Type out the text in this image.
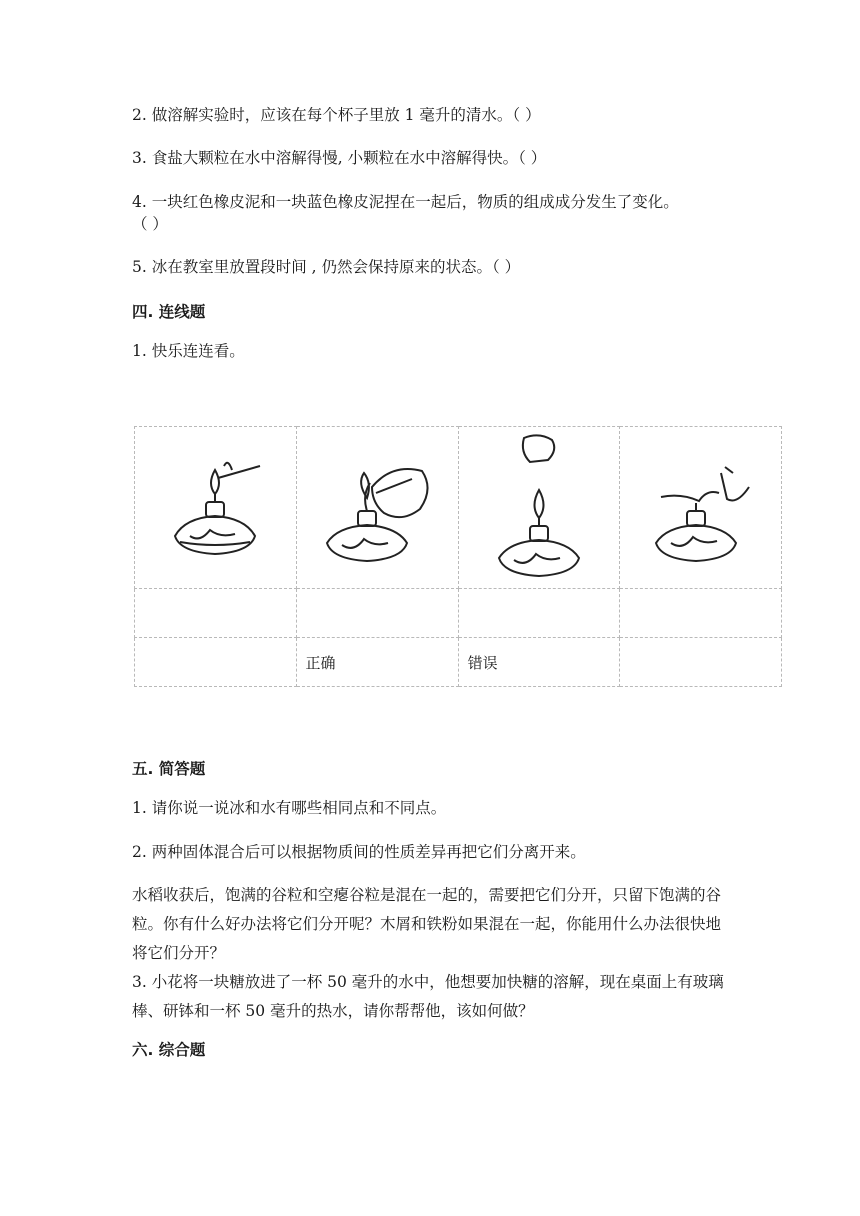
2. 做溶解实验时，应该在每个杯子里放 1 毫升的清水。（ ）
3. 食盐大颗粒在水中溶解得慢, 小颗粒在水中溶解得快。（ ）
4. 一块红色橡皮泥和一块蓝色橡皮泥捏在一起后，物质的组成成分发生了变化。
（ ）
5. 冰在教室里放置段时间 , 仍然会保持原来的状态。（ ）
四. 连线题
1. 快乐连连看。

	正确	错误	
五. 简答题
1. 请你说一说冰和水有哪些相同点和不同点。
2. 两种固体混合后可以根据物质间的性质差异再把它们分离开来。
水稻收获后，饱满的谷粒和空瘪谷粒是混在一起的，需要把它们分开，只留下饱满的谷粒。你有什么好办法将它们分开呢？木屑和铁粉如果混在一起，你能用什么办法很快地将它们分开？
3. 小花将一块糖放进了一杯 50 毫升的水中，他想要加快糖的溶解，现在桌面上有玻璃棒、研钵和一杯 50 毫升的热水，请你帮帮他，该如何做？
六. 综合题
